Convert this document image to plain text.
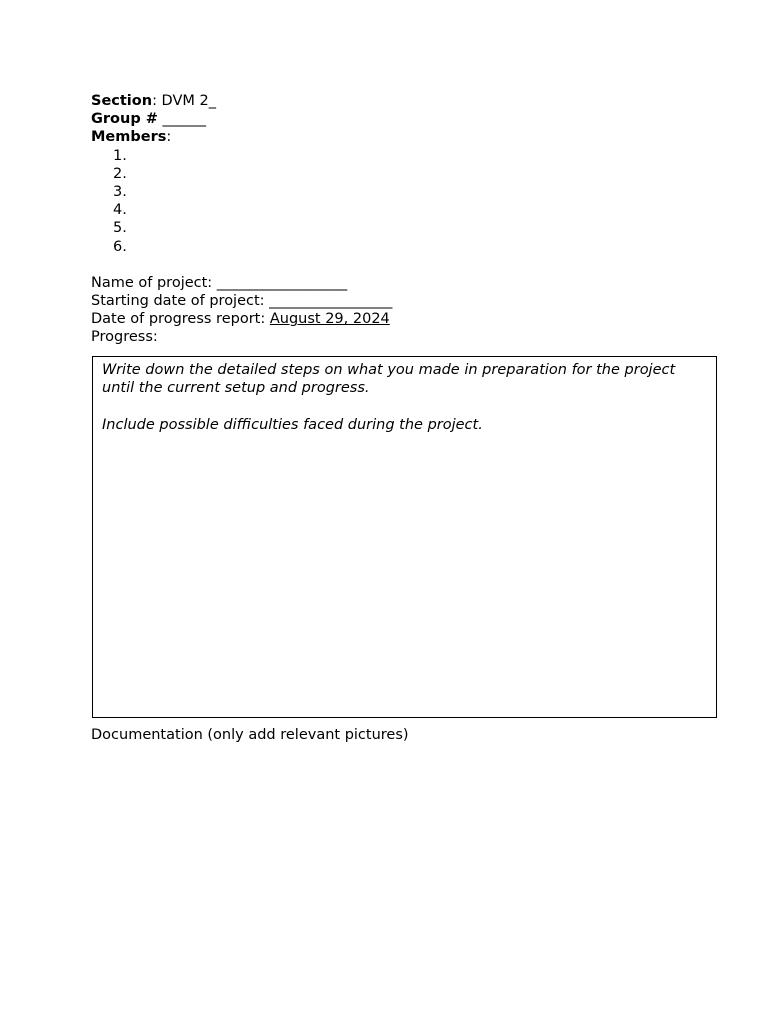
Section: DVM 2_
Group # ______
Members:
1.
2.
3.
4.
5.
6.
Name of project: __________________
Starting date of project: _________________
Date of progress report: August 29, 2024
Progress:

Write down the detailed steps on what you made in preparation for the project until the current setup and progress.

Include possible difficulties faced during the project.

Documentation (only add relevant pictures)
